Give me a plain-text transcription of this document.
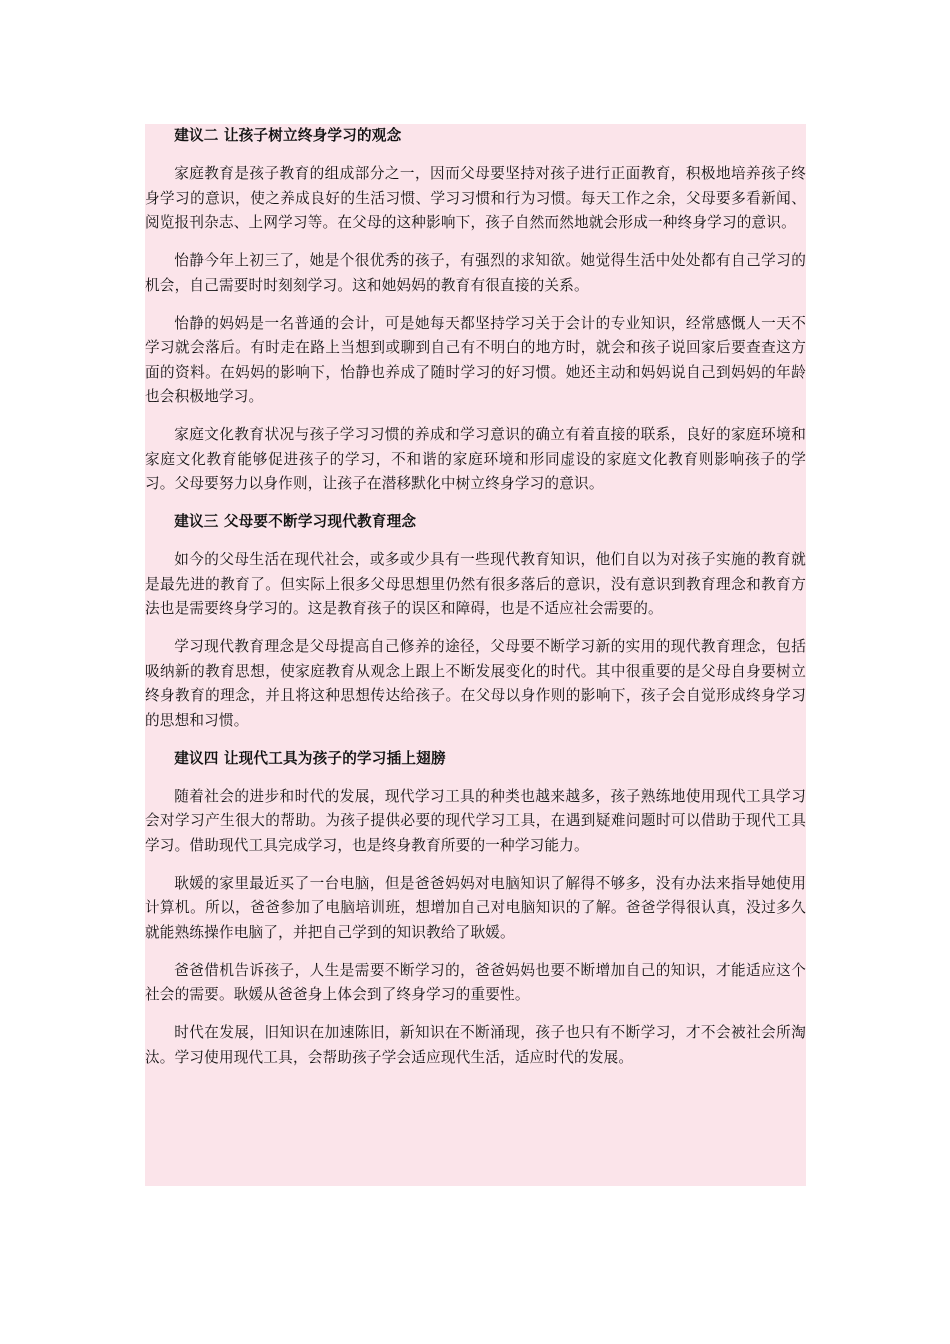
建议二 让孩子树立终身学习的观念

家庭教育是孩子教育的组成部分之一，因而父母要坚持对孩子进行正面教育，积极地培养孩子终身学习的意识，使之养成良好的生活习惯、学习习惯和行为习惯。每天工作之余，父母要多看新闻、阅览报刊杂志、上网学习等。在父母的这种影响下，孩子自然而然地就会形成一种终身学习的意识。

怡静今年上初三了，她是个很优秀的孩子，有强烈的求知欲。她觉得生活中处处都有自己学习的机会，自己需要时时刻刻学习。这和她妈妈的教育有很直接的关系。

怡静的妈妈是一名普通的会计，可是她每天都坚持学习关于会计的专业知识，经常感慨人一天不学习就会落后。有时走在路上当想到或聊到自己有不明白的地方时，就会和孩子说回家后要查查这方面的资料。在妈妈的影响下，怡静也养成了随时学习的好习惯。她还主动和妈妈说自己到妈妈的年龄也会积极地学习。

家庭文化教育状况与孩子学习习惯的养成和学习意识的确立有着直接的联系，良好的家庭环境和家庭文化教育能够促进孩子的学习，不和谐的家庭环境和形同虚设的家庭文化教育则影响孩子的学习。父母要努力以身作则，让孩子在潜移默化中树立终身学习的意识。

建议三 父母要不断学习现代教育理念

如今的父母生活在现代社会，或多或少具有一些现代教育知识，他们自以为对孩子实施的教育就是最先进的教育了。但实际上很多父母思想里仍然有很多落后的意识，没有意识到教育理念和教育方法也是需要终身学习的。这是教育孩子的误区和障碍，也是不适应社会需要的。

学习现代教育理念是父母提高自己修养的途径，父母要不断学习新的实用的现代教育理念，包括吸纳新的教育思想，使家庭教育从观念上跟上不断发展变化的时代。其中很重要的是父母自身要树立终身教育的理念，并且将这种思想传达给孩子。在父母以身作则的影响下，孩子会自觉形成终身学习的思想和习惯。

建议四 让现代工具为孩子的学习插上翅膀

随着社会的进步和时代的发展，现代学习工具的种类也越来越多，孩子熟练地使用现代工具学习会对学习产生很大的帮助。为孩子提供必要的现代学习工具，在遇到疑难问题时可以借助于现代工具学习。借助现代工具完成学习，也是终身教育所要的一种学习能力。

耿媛的家里最近买了一台电脑，但是爸爸妈妈对电脑知识了解得不够多，没有办法来指导她使用计算机。所以，爸爸参加了电脑培训班，想增加自己对电脑知识的了解。爸爸学得很认真，没过多久就能熟练操作电脑了，并把自己学到的知识教给了耿媛。

爸爸借机告诉孩子，人生是需要不断学习的，爸爸妈妈也要不断增加自己的知识，才能适应这个社会的需要。耿媛从爸爸身上体会到了终身学习的重要性。

时代在发展，旧知识在加速陈旧，新知识在不断涌现，孩子也只有不断学习，才不会被社会所淘汰。学习使用现代工具，会帮助孩子学会适应现代生活，适应时代的发展。
